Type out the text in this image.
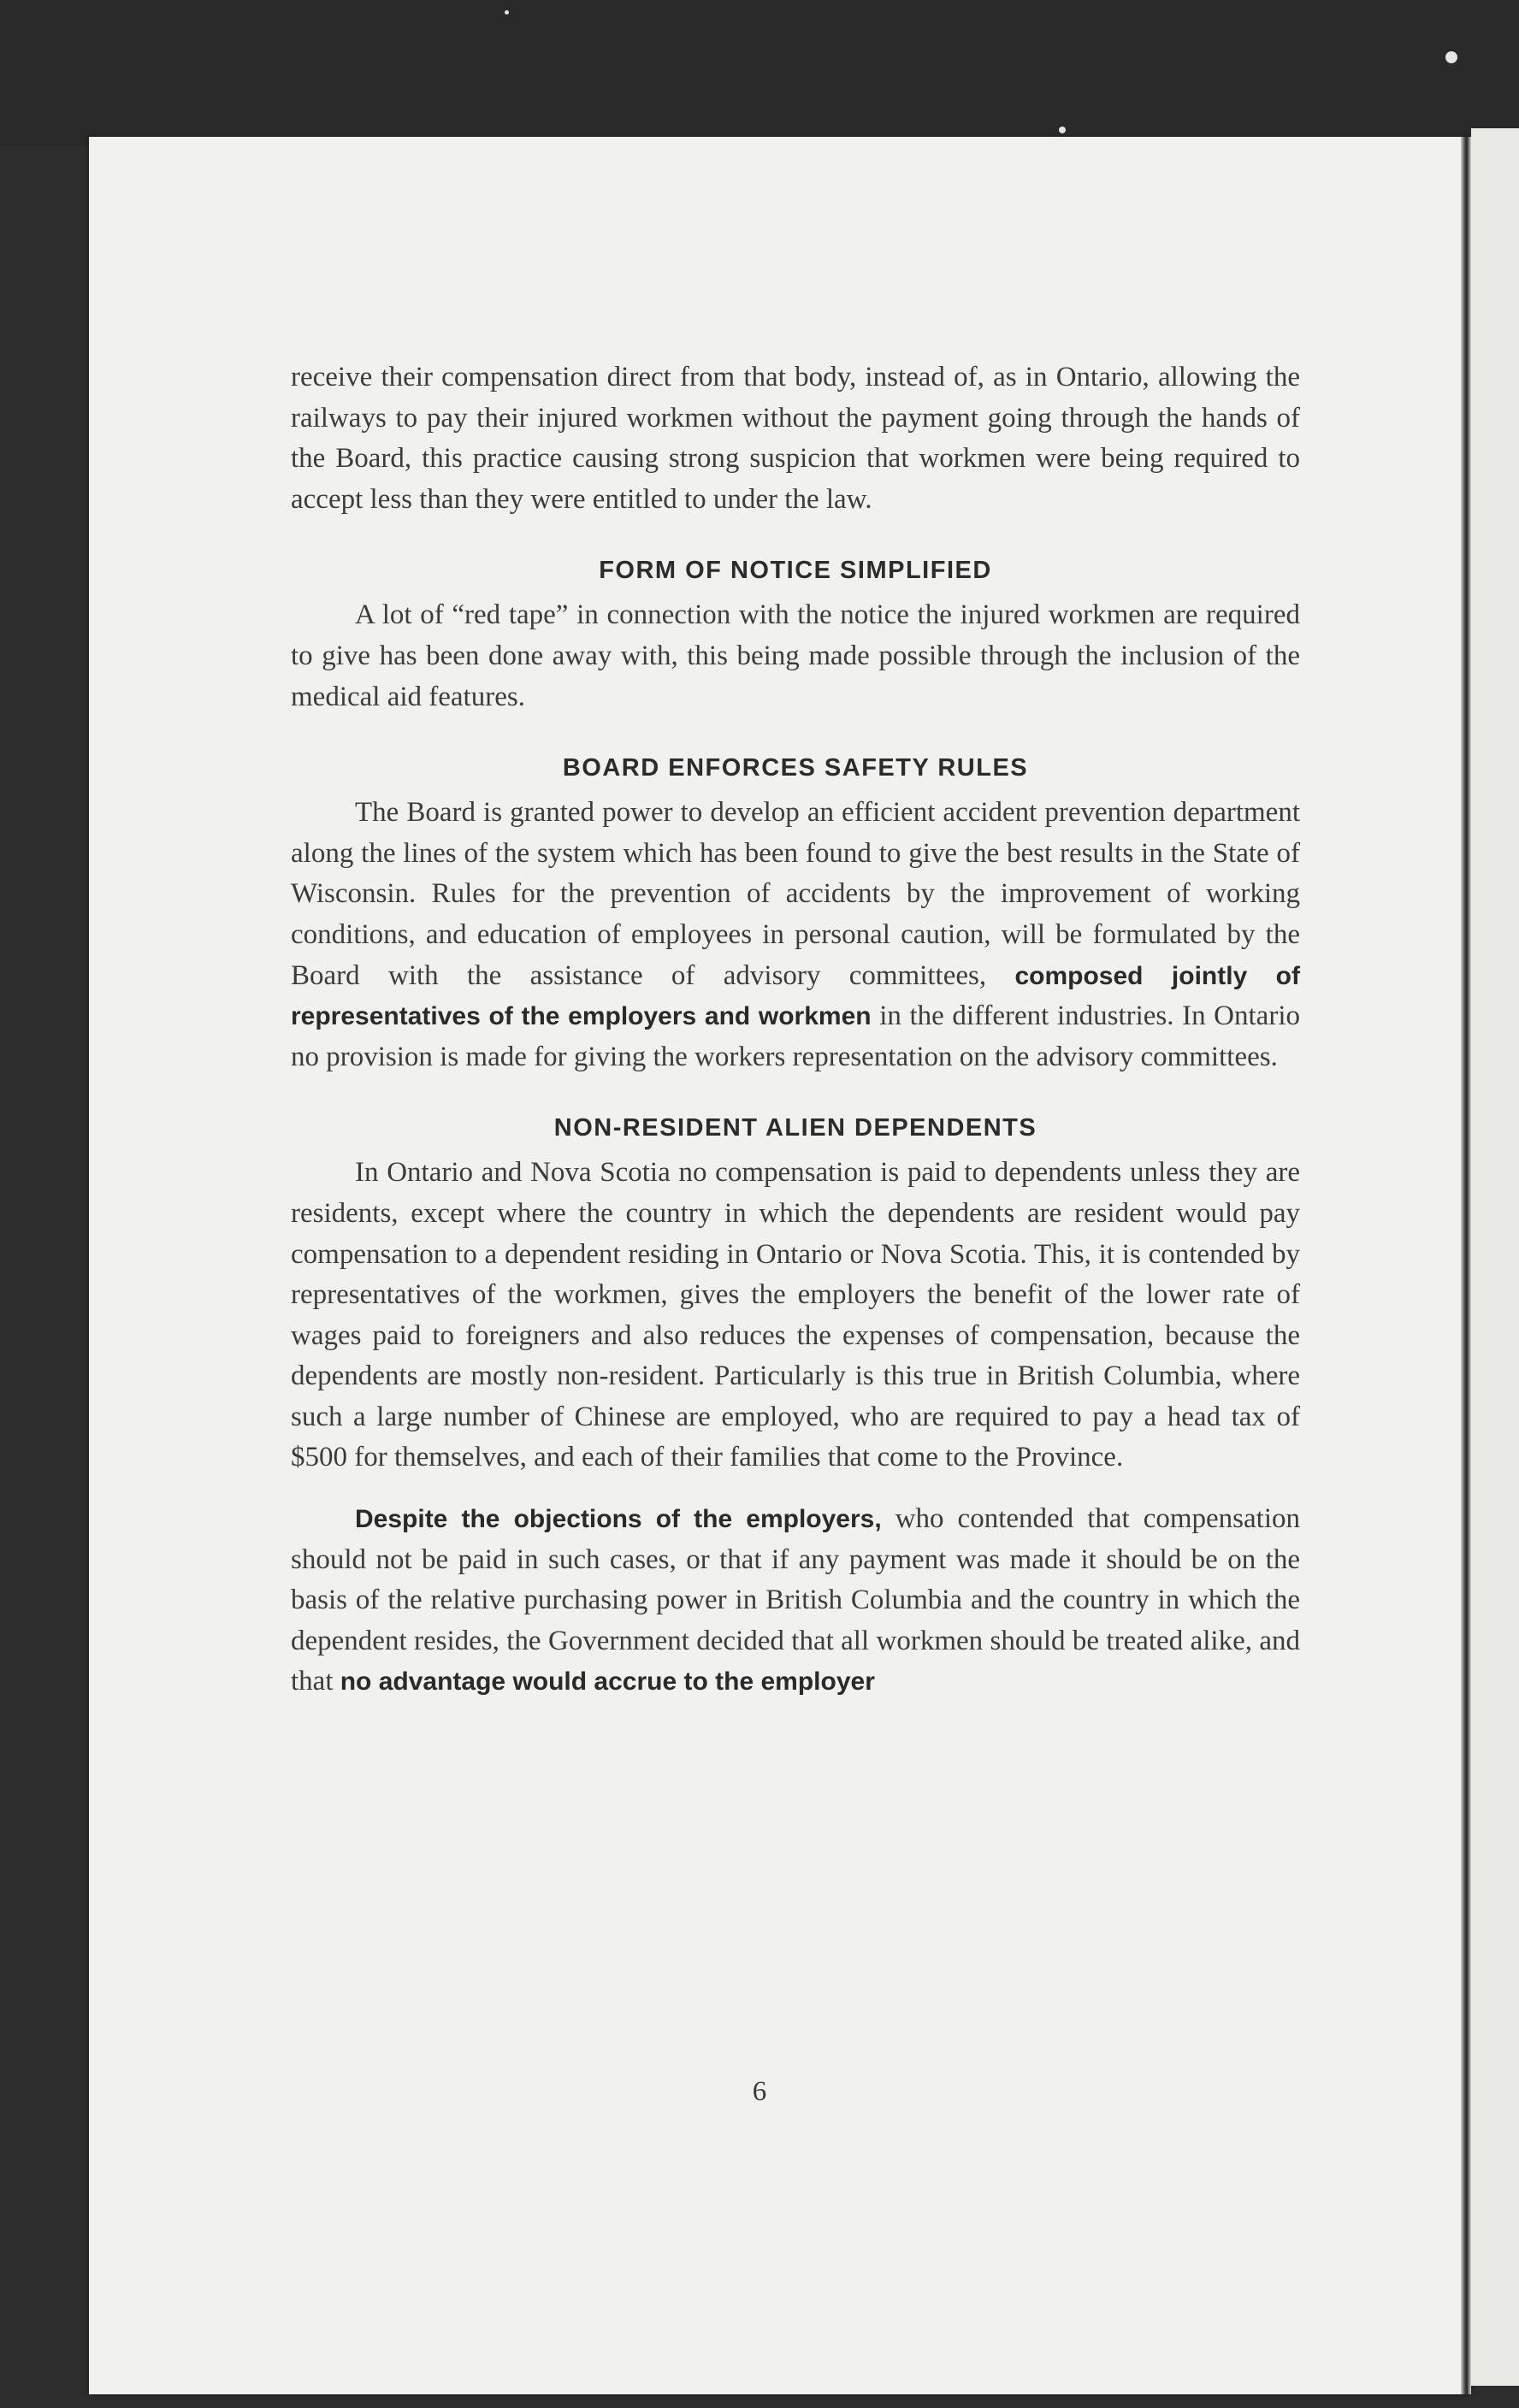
receive their compensation direct from that body, instead of, as in Ontario, allowing the railways to pay their injured workmen without the payment going through the hands of the Board, this practice causing strong suspicion that workmen were being required to accept less than they were entitled to under the law.

FORM OF NOTICE SIMPLIFIED

A lot of “red tape” in connection with the notice the injured workmen are required to give has been done away with, this being made possible through the inclusion of the medical aid features.

BOARD ENFORCES SAFETY RULES

The Board is granted power to develop an efficient accident prevention department along the lines of the system which has been found to give the best results in the State of Wisconsin. Rules for the prevention of accidents by the improvement of working conditions, and education of employees in personal caution, will be formulated by the Board with the assistance of advisory committees, composed jointly of representatives of the employers and workmen in the different industries. In Ontario no provision is made for giving the workers representation on the advisory committees.

NON-RESIDENT ALIEN DEPENDENTS

In Ontario and Nova Scotia no compensation is paid to dependents unless they are residents, except where the country in which the dependents are resident would pay compensation to a dependent residing in Ontario or Nova Scotia. This, it is contended by representatives of the workmen, gives the employers the benefit of the lower rate of wages paid to foreigners and also reduces the expenses of compensation, because the dependents are mostly non-resident. Particularly is this true in British Columbia, where such a large number of Chinese are employed, who are required to pay a head tax of $500 for themselves, and each of their families that come to the Province.

Despite the objections of the employers, who contended that compensation should not be paid in such cases, or that if any payment was made it should be on the basis of the relative purchasing power in British Columbia and the country in which the dependent resides, the Government decided that all workmen should be treated alike, and that no advantage would accrue to the employer

6
